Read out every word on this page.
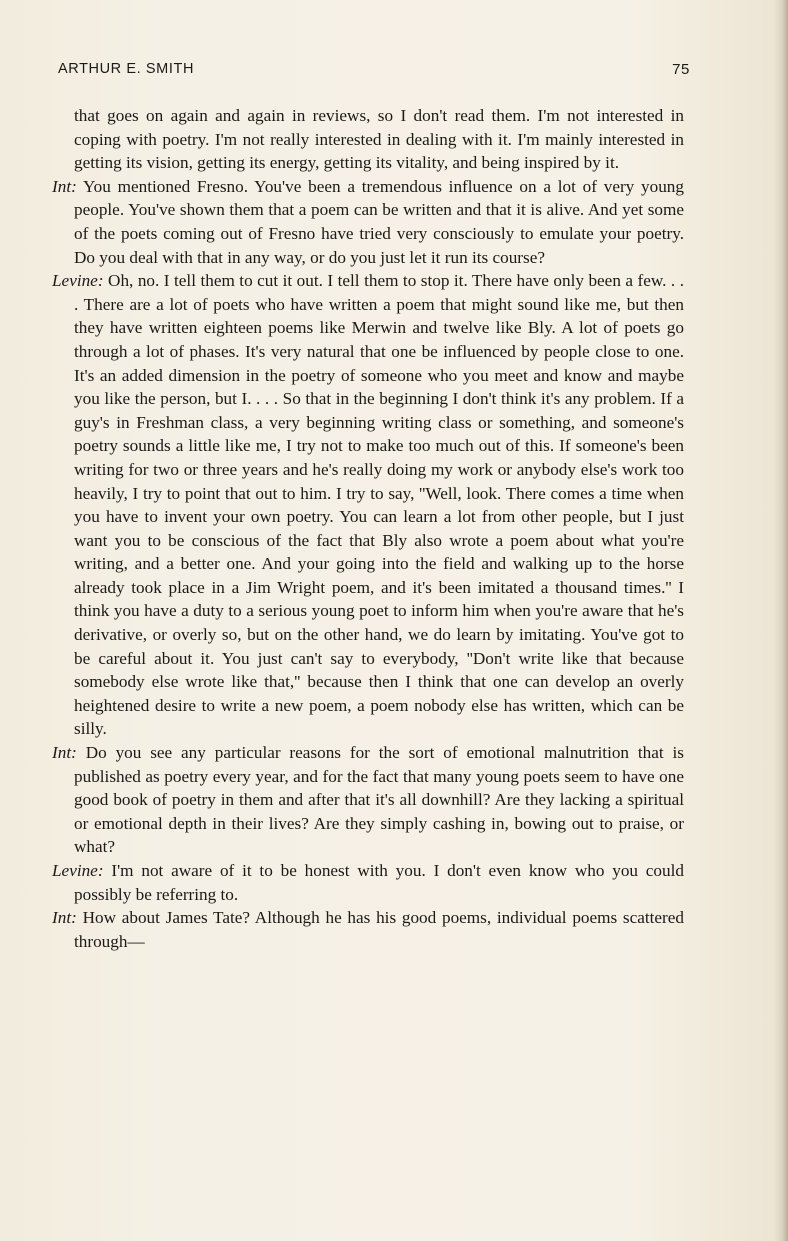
ARTHUR E. SMITH	75

that goes on again and again in reviews, so I don't read them. I'm not interested in coping with poetry. I'm not really interested in dealing with it. I'm mainly interested in getting its vision, getting its energy, getting its vitality, and being inspired by it.

Int: You mentioned Fresno. You've been a tremendous influence on a lot of very young people. You've shown them that a poem can be written and that it is alive. And yet some of the poets coming out of Fresno have tried very consciously to emulate your poetry. Do you deal with that in any way, or do you just let it run its course?

Levine: Oh, no. I tell them to cut it out. I tell them to stop it. There have only been a few. . . . There are a lot of poets who have written a poem that might sound like me, but then they have written eighteen poems like Merwin and twelve like Bly. A lot of poets go through a lot of phases. It's very natural that one be influenced by people close to one. It's an added dimension in the poetry of someone who you meet and know and maybe you like the person, but I. . . . So that in the beginning I don't think it's any problem. If a guy's in Freshman class, a very beginning writing class or something, and someone's poetry sounds a little like me, I try not to make too much out of this. If someone's been writing for two or three years and he's really doing my work or anybody else's work too heavily, I try to point that out to him. I try to say, ''Well, look. There comes a time when you have to invent your own poetry. You can learn a lot from other people, but I just want you to be conscious of the fact that Bly also wrote a poem about what you're writing, and a better one. And your going into the field and walking up to the horse already took place in a Jim Wright poem, and it's been imitated a thousand times.'' I think you have a duty to a serious young poet to inform him when you're aware that he's derivative, or overly so, but on the other hand, we do learn by imitating. You've got to be careful about it. You just can't say to everybody, ''Don't write like that because somebody else wrote like that,'' because then I think that one can develop an overly heightened desire to write a new poem, a poem nobody else has written, which can be silly.

Int: Do you see any particular reasons for the sort of emotional malnutrition that is published as poetry every year, and for the fact that many young poets seem to have one good book of poetry in them and after that it's all downhill? Are they lacking a spiritual or emotional depth in their lives? Are they simply cashing in, bowing out to praise, or what?

Levine: I'm not aware of it to be honest with you. I don't even know who you could possibly be referring to.

Int: How about James Tate? Although he has his good poems, individual poems scattered through—
